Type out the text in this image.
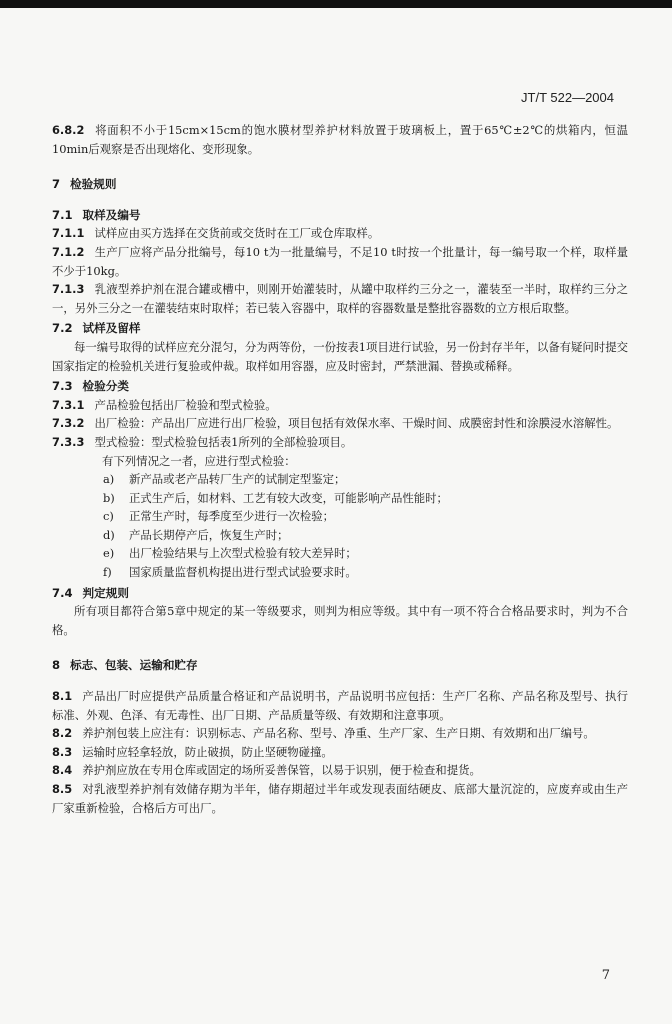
JT/T 522—2004

6.8.2 将面积不小于15cm×15cm的饱水膜材型养护材料放置于玻璃板上，置于65℃±2℃的烘箱内，恒温10min后观察是否出现熔化、变形现象。

7 检验规则
7.1 取样及编号

7.1.1 试样应由买方选择在交货前或交货时在工厂或仓库取样。

7.1.2 生产厂应将产品分批编号，每10 t为一批量编号，不足10 t时按一个批量计，每一编号取一个样，取样量不少于10kg。

7.1.3 乳液型养护剂在混合罐或槽中，则刚开始灌装时，从罐中取样约三分之一，灌装至一半时，取样约三分之一，另外三分之一在灌装结束时取样；若已装入容器中，取样的容器数量是整批容器数的立方根后取整。

7.2 试样及留样

每一编号取得的试样应充分混匀，分为两等份，一份按表1项目进行试验，另一份封存半年，以备有疑问时提交国家指定的检验机关进行复验或仲裁。取样如用容器，应及时密封，严禁泄漏、替换或稀释。

7.3 检验分类

7.3.1 产品检验包括出厂检验和型式检验。

7.3.2 出厂检验：产品出厂应进行出厂检验，项目包括有效保水率、干燥时间、成膜密封性和涂膜浸水溶解性。

7.3.3 型式检验：型式检验包括表1所列的全部检验项目。

有下列情况之一者，应进行型式检验：

a) 新产品或老产品转厂生产的试制定型鉴定；

b) 正式生产后，如材料、工艺有较大改变，可能影响产品性能时；

c) 正常生产时，每季度至少进行一次检验；

d) 产品长期停产后，恢复生产时；

e) 出厂检验结果与上次型式检验有较大差异时；

f) 国家质量监督机构提出进行型式试验要求时。

7.4 判定规则

所有项目都符合第5章中规定的某一等级要求，则判为相应等级。其中有一项不符合合格品要求时，判为不合格。

8 标志、包装、运输和贮存

8.1 产品出厂时应提供产品质量合格证和产品说明书，产品说明书应包括：生产厂名称、产品名称及型号、执行标准、外观、色泽、有无毒性、出厂日期、产品质量等级、有效期和注意事项。

8.2 养护剂包装上应注有：识别标志、产品名称、型号、净重、生产厂家、生产日期、有效期和出厂编号。

8.3 运输时应轻拿轻放，防止破损，防止坚硬物碰撞。

8.4 养护剂应放在专用仓库或固定的场所妥善保管，以易于识别，便于检查和提货。

8.5 对乳液型养护剂有效储存期为半年，储存期超过半年或发现表面结硬皮、底部大量沉淀的，应废弃或由生产厂家重新检验，合格后方可出厂。

7
